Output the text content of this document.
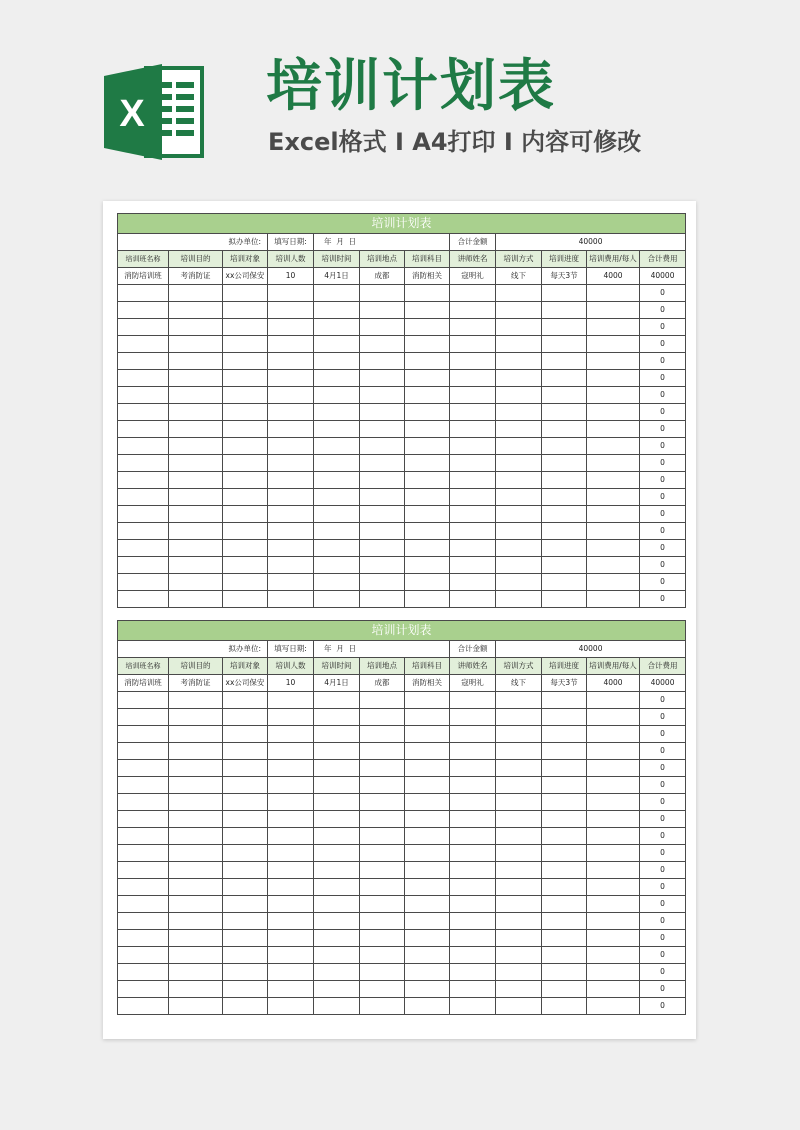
X 培训计划表
Excel格式 I A4打印 I 内容可修改
培训计划表											
拟办单位:			填写日期:	年  月  日			合计金额	40000			
培训班名称	培训目的	培训对象	培训人数	培训时间	培训地点	培训科目	讲师姓名	培训方式	培训进度	培训费用/每人	合计费用
消防培训班	考消防证	xx公司保安	10	4月1日	成都	消防相关	寇明礼	线下	每天3节	4000	40000
											0
											0
											0
											0
											0
											0
											0
											0
											0
											0
											0
											0
											0
											0
											0
											0
											0
											0
											0
培训计划表											
拟办单位:			填写日期:	年  月  日			合计金额	40000			
培训班名称	培训目的	培训对象	培训人数	培训时间	培训地点	培训科目	讲师姓名	培训方式	培训进度	培训费用/每人	合计费用
消防培训班	考消防证	xx公司保安	10	4月1日	成都	消防相关	寇明礼	线下	每天3节	4000	40000
											0
											0
											0
											0
											0
											0
											0
											0
											0
											0
											0
											0
											0
											0
											0
											0
											0
											0
											0
